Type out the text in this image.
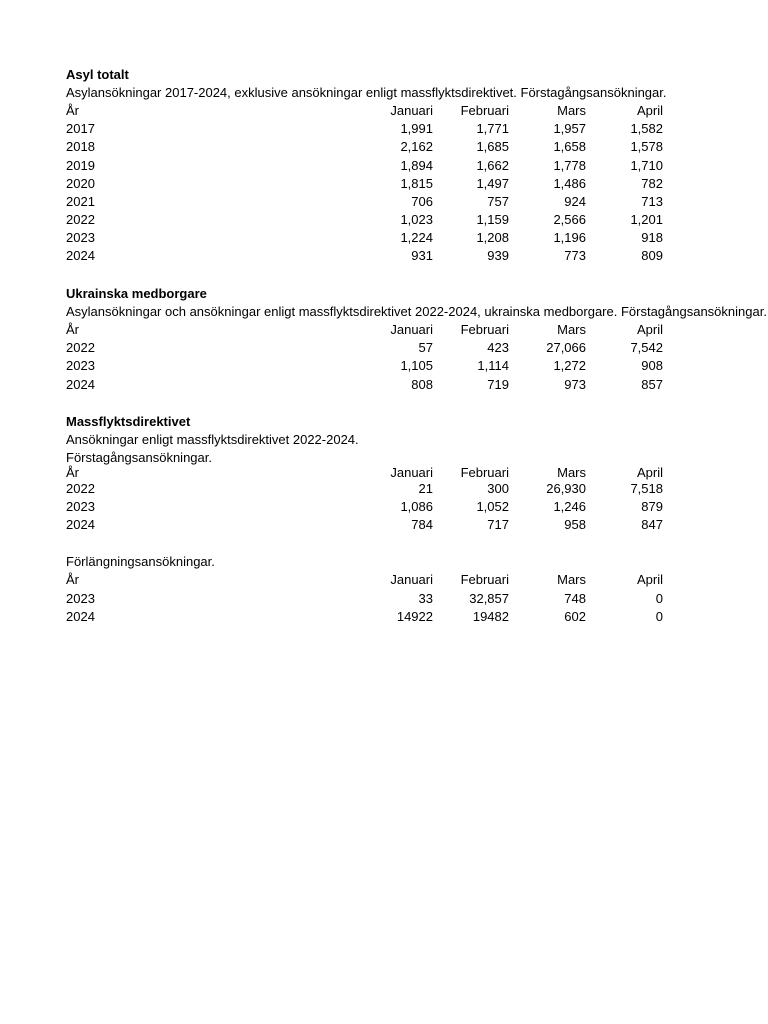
Asyl totalt
Asylansökningar 2017-2024, exklusive ansökningar enligt massflyktsdirektivet. Förstagångsansökningar.
År	Januari	Februari	Mars	April
2017	1,991	1,771	1,957	1,582
2018	2,162	1,685	1,658	1,578
2019	1,894	1,662	1,778	1,710
2020	1,815	1,497	1,486	782
2021	706	757	924	713
2022	1,023	1,159	2,566	1,201
2023	1,224	1,208	1,196	918
2024	931	939	773	809
Ukrainska medborgare
Asylansökningar och ansökningar enligt massflyktsdirektivet 2022-2024, ukrainska medborgare. Förstagångsansökningar.
År	Januari	Februari	Mars	April
2022	57	423	27,066	7,542
2023	1,105	1,114	1,272	908
2024	808	719	973	857
Massflyktsdirektivet
Ansökningar enligt massflyktsdirektivet 2022-2024.
Förstagångsansökningar.
År	Januari	Februari	Mars	April
2022	21	300	26,930	7,518
2023	1,086	1,052	1,246	879
2024	784	717	958	847
Förlängningsansökningar.
År	Januari	Februari	Mars	April
2023	33	32,857	748	0
2024	14922	19482	602	0
